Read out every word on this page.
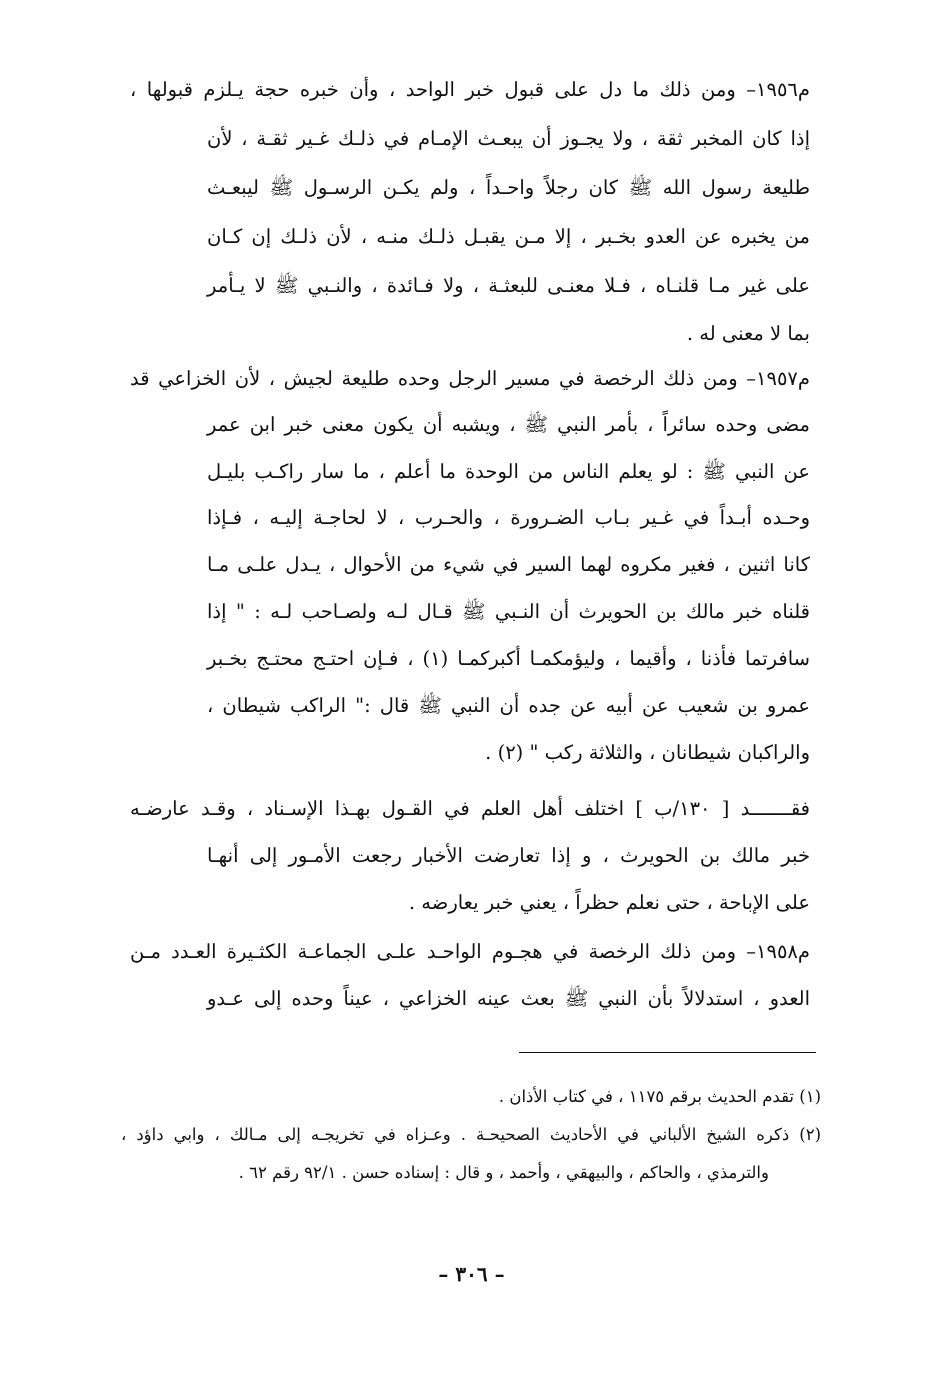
م١٩٥٦– ومن ذلك ما دل على قبول خبر الواحد ، وأن خبره حجة يـلزم قبولها ،
إذا كان المخبر ثقة ، ولا يجـوز أن يبعـث الإمـام في ذلـك غـير ثقـة ، لأن
طليعة رسول الله ﷺ كان رجلاً واحـداً ، ولم يكـن الرسـول ﷺ ليبعـث
من يخبره عن العدو بخـبر ، إلا مـن يقبـل ذلـك منـه ، لأن ذلـك إن كـان
على غير مـا قلنـاه ، فـلا معنـى للبعثـة ، ولا فـائدة ، والنـبي ﷺ لا يـأمر
بما لا معنى له .
م١٩٥٧– ومن ذلك الرخصة في مسير الرجل وحده طليعة لجيش ، لأن الخزاعي قد
مضى وحده سائراً ، بأمر النبي ﷺ ، ويشبه أن يكون معنى خبر ابن عمر
عن النبي ﷺ : لو يعلم الناس من الوحدة ما أعلم ، ما سار راكـب بليـل
وحـده أبـداً في غـير بـاب الضـرورة ، والحـرب ، لا لحاجـة إليـه ، فـإذا
كانا اثنين ، فغير مكروه لهما السير في شيء من الأحوال ، يـدل علـى مـا
قلناه خبر مالك بن الحويرث أن النـبي ﷺ قـال لـه ولصـاحب لـه : " إذا
سافرتما فأذنا ، وأقيما ، وليؤمكمـا أكبركمـا (١) ، فـإن احتـج محتـج بخـبر
عمرو بن شعيب عن أبيه عن جده أن النبي ﷺ قال :" الراكب شيطان ،
والراكبان شيطانان ، والثلاثة ركب " (٢) .
فقـــــــد [ ١٣٠/ب ] اختلف أهل العلم في القـول بهـذا الإسـناد ، وقـد عارضـه
خبر مالك بن الحويرث ، و إذا تعارضت الأخبار رجعت الأمـور إلى أنهـا
على الإباحة ، حتى نعلم حظراً ، يعني خبر يعارضه .
م١٩٥٨– ومن ذلك الرخصة في هجـوم الواحـد علـى الجماعـة الكثـيرة العـدد مـن
العدو ، استدلالاً بأن النبي ﷺ بعث عينه الخزاعي ، عيناً وحده إلى عـدو
(١) تقدم الحديث برقم ١١٧٥ ، في كتاب الأذان .
(٢) ذكره الشيخ الألباني في الأحاديث الصحيحـة . وعـزاه في تخريجـه إلى مـالك ، وابي داؤد ،
والترمذي ، والحاكم ، والبيهقي ، وأحمد ، و قال : إسناده حسن . ٩٢/١ رقم ٦٢ .
– ٣٠٦ –
